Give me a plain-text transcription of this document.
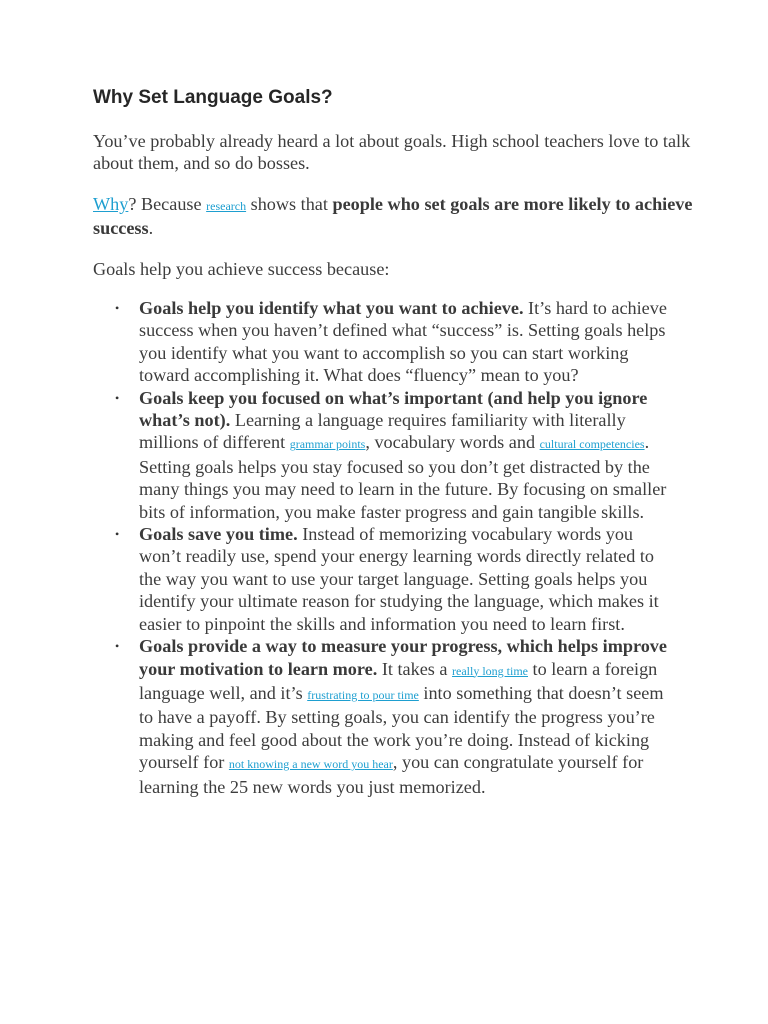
Why Set Language Goals?

You’ve probably already heard a lot about goals. High school teachers love to talk about them, and so do bosses.

Why? Because research shows that people who set goals are more likely to achieve success.

Goals help you achieve success because:

• Goals help you identify what you want to achieve. It’s hard to achieve success when you haven’t defined what “success” is. Setting goals helps you identify what you want to accomplish so you can start working toward accomplishing it. What does “fluency” mean to you?
• Goals keep you focused on what’s important (and help you ignore what’s not). Learning a language requires familiarity with literally millions of different grammar points, vocabulary words and cultural competencies. Setting goals helps you stay focused so you don’t get distracted by the many things you may need to learn in the future. By focusing on smaller bits of information, you make faster progress and gain tangible skills.
• Goals save you time. Instead of memorizing vocabulary words you won’t readily use, spend your energy learning words directly related to the way you want to use your target language. Setting goals helps you identify your ultimate reason for studying the language, which makes it easier to pinpoint the skills and information you need to learn first.
• Goals provide a way to measure your progress, which helps improve your motivation to learn more. It takes a really long time to learn a foreign language well, and it’s frustrating to pour time into something that doesn’t seem to have a payoff. By setting goals, you can identify the progress you’re making and feel good about the work you’re doing. Instead of kicking yourself for not knowing a new word you hear, you can congratulate yourself for learning the 25 new words you just memorized.
